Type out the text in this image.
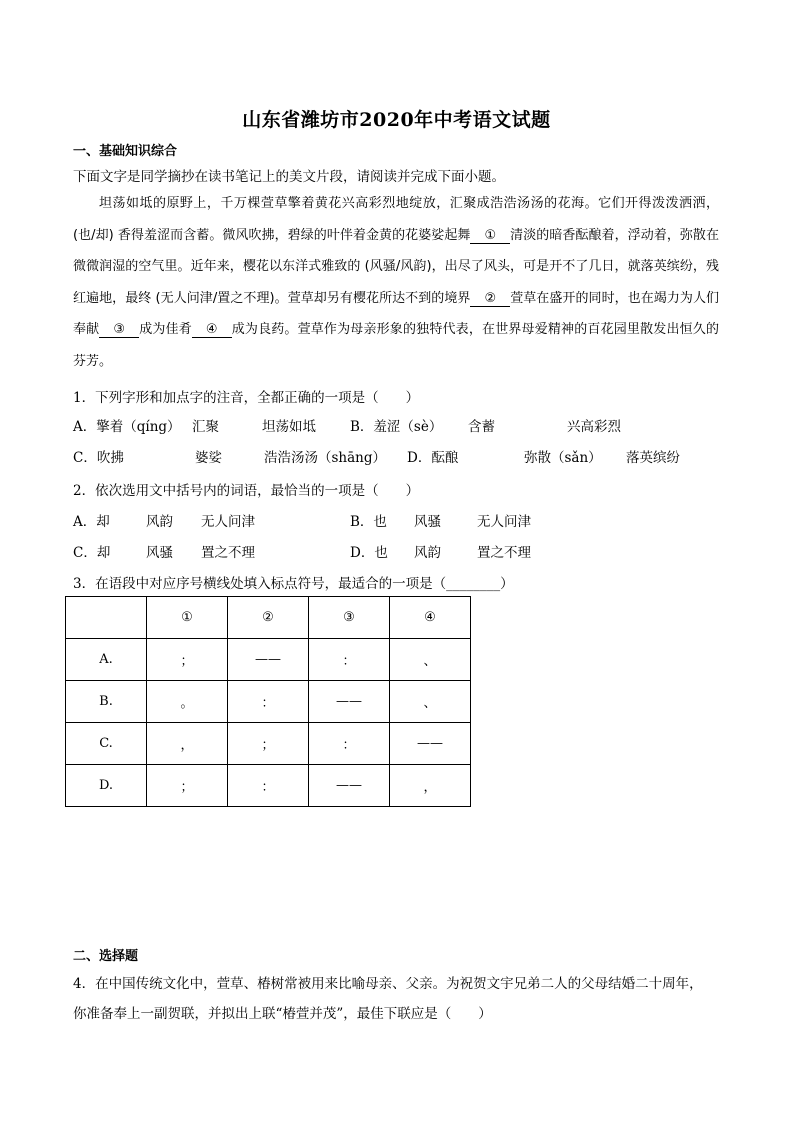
山东省潍坊市2020年中考语文试题
一、基础知识综合
下面文字是同学摘抄在读书笔记上的美文片段，请阅读并完成下面小题。
坦荡如坻的原野上，千万棵萱草擎着黄花兴高彩烈地绽放，汇聚成浩浩汤汤的花海。它们开得泼泼洒洒，(也/却) 香得羞涩而含蓄。微风吹拂，碧绿的叶伴着金黄的花婆娑起舞 ① 清淡的暗香酝酿着，浮动着，弥散在微微润湿的空气里。近年来，樱花以东洋式雅致的 (风骚/风韵)，出尽了风头，可是开不了几日，就落英缤纷，残红遍地，最终 (无人问津/置之不理)。萱草却另有樱花所达不到的境界 ② 萱草在盛开的同时，也在竭力为人们奉献 ③ 成为佳肴 ④ 成为良药。萱草作为母亲形象的独特代表，在世界母爱精神的百花园里散发出恒久的芬芳。
1．下列字形和加点字的注音，全都正确的一项是（　　）
A．擎着（qíng） 汇聚	坦荡如坻	B．羞涩（sè） 含蓄	兴高彩烈
C．吹拂	婆娑	浩浩汤汤（shāng） D．酝酿	弥散（sǎn） 落英缤纷
2．依次选用文中括号内的词语，最恰当的一项是（　　）
A．却	风韵 无人问津	B．也 风骚	无人问津
C．却	风骚 置之不理	D．也 风韵	置之不理
3．在语段中对应序号横线处填入标点符号，最适合的一项是（________）
	①	②	③	④
A.	；	——	：	、
B.	。	：	——	、
C.	，	；	：	——
D.	；	：	——	，
二、选择题
4．在中国传统文化中，萱草、椿树常被用来比喻母亲、父亲。为祝贺文宇兄弟二人的父母结婚二十周年，
你准备奉上一副贺联，并拟出上联“椿萱并茂”，最佳下联应是（　　）
